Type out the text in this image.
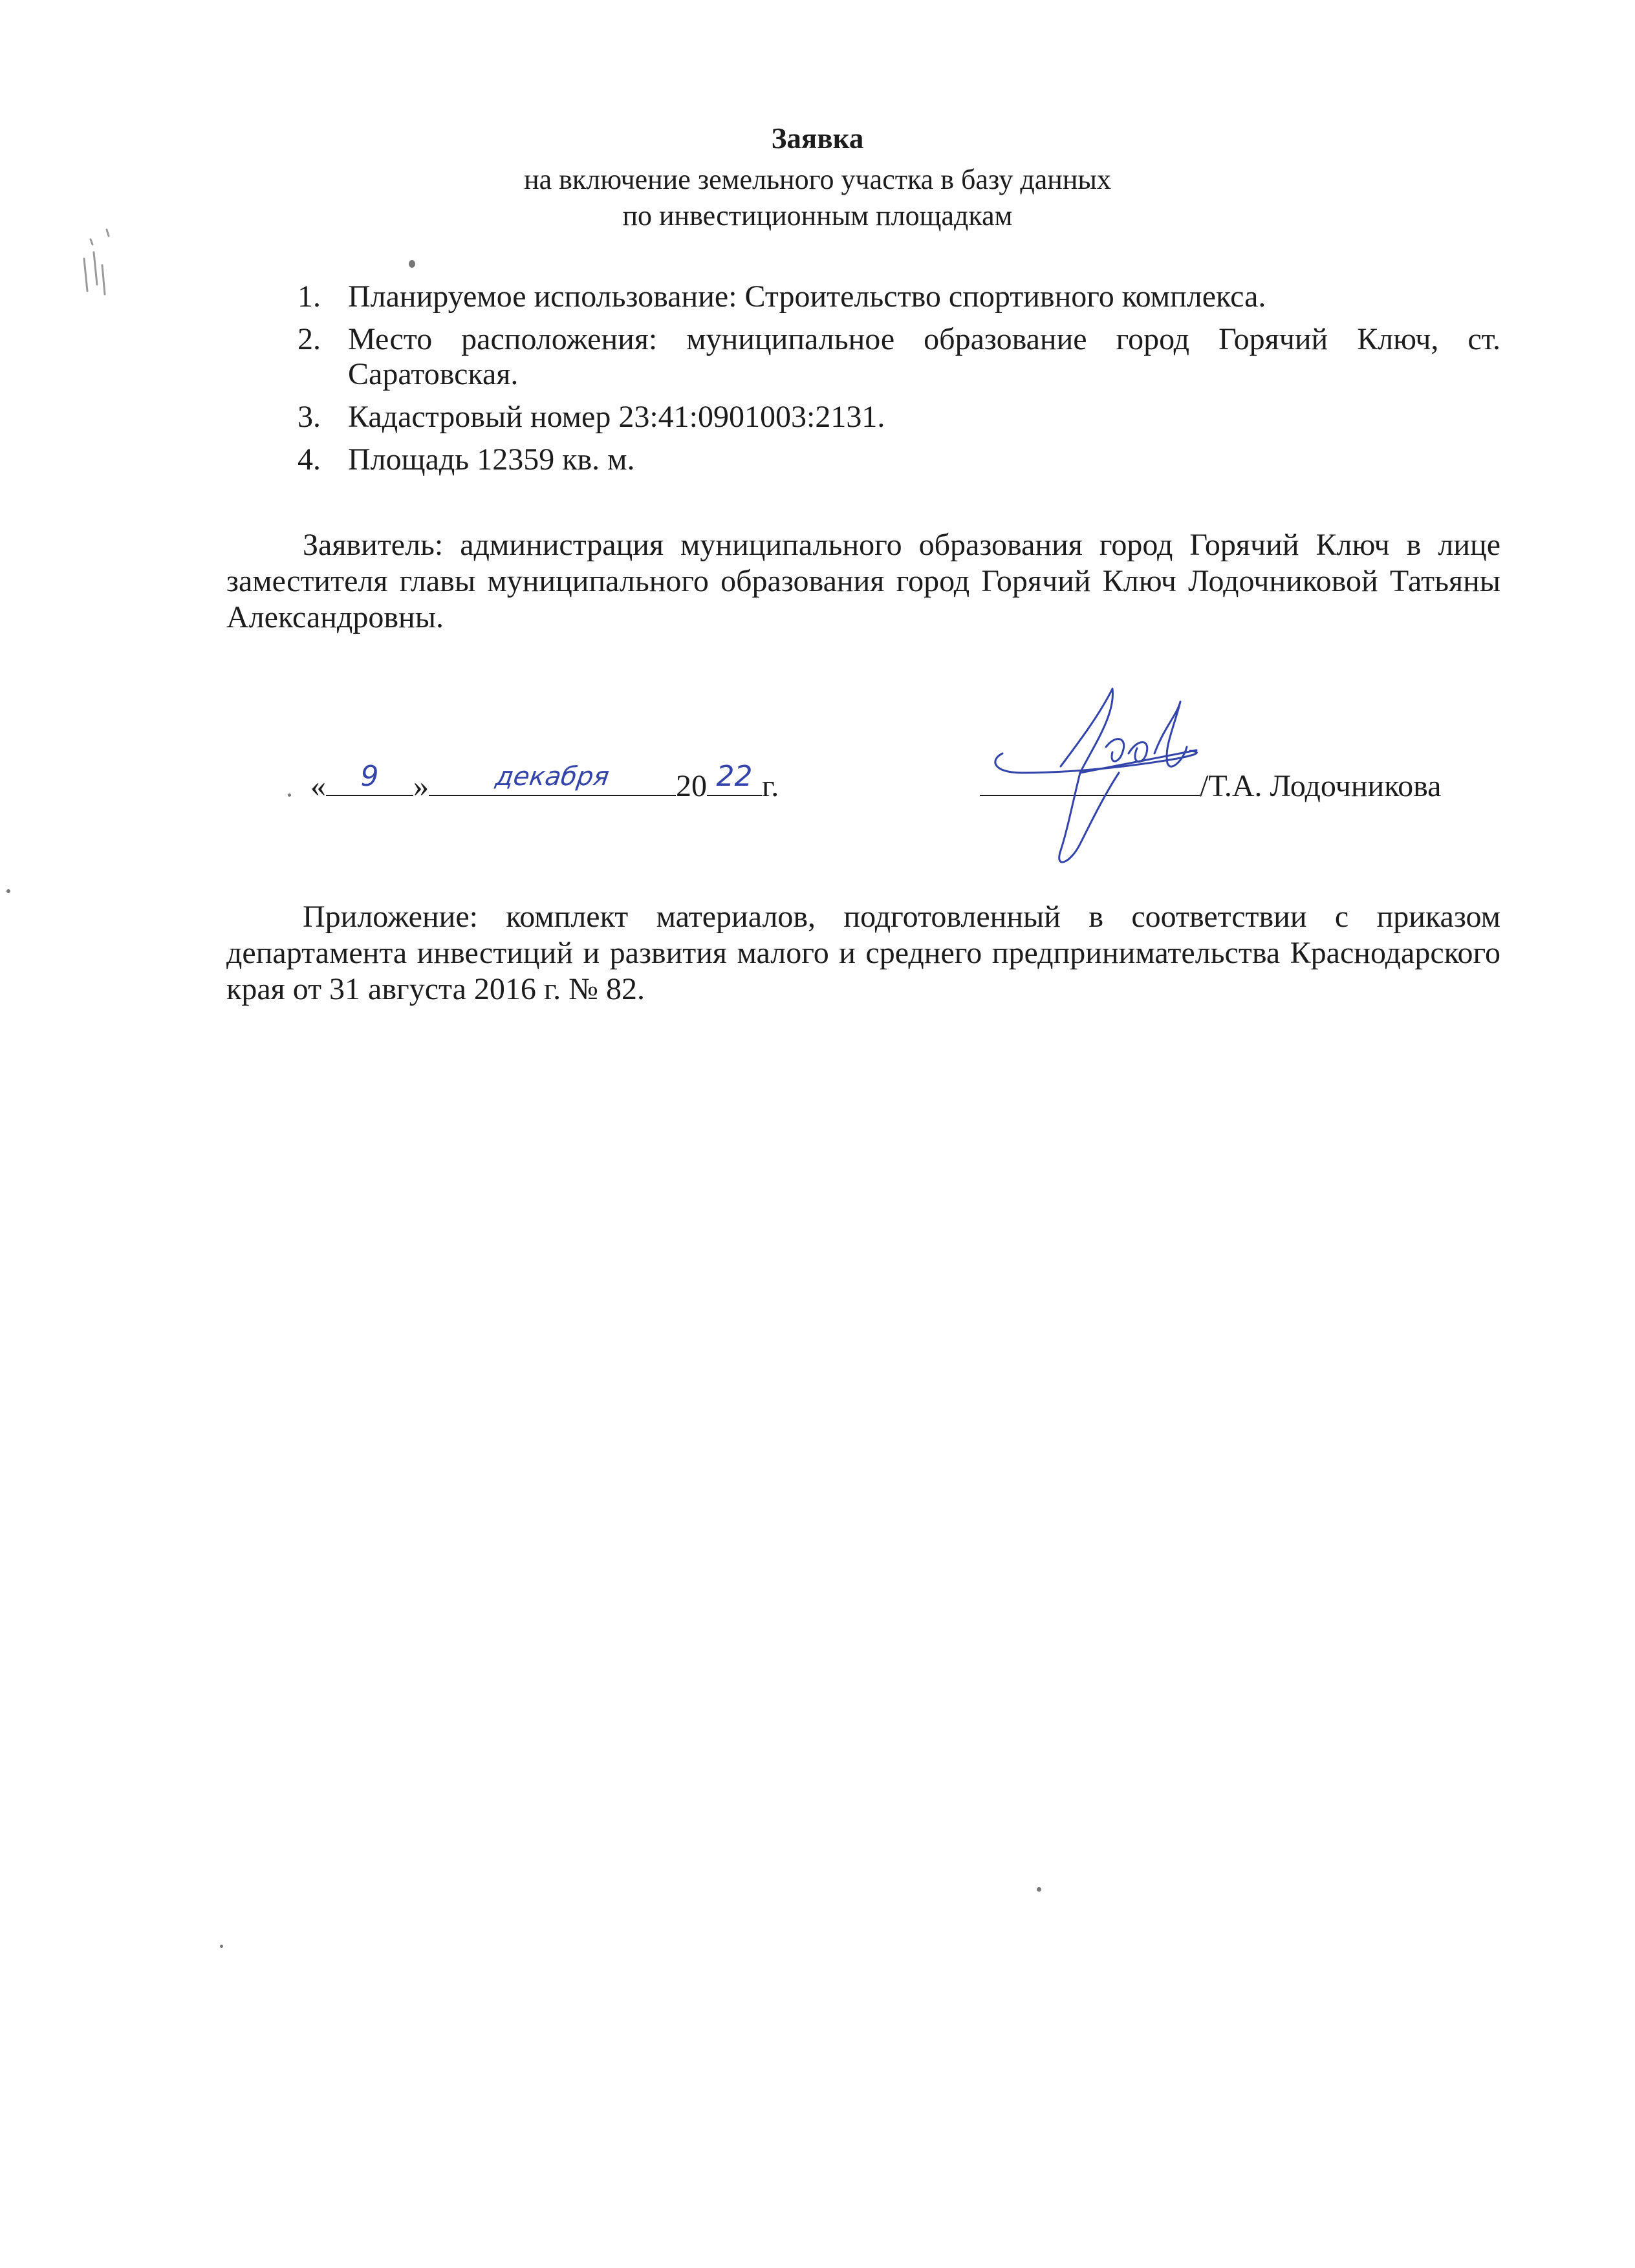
Заявка
на включение земельного участка в базу данных
по инвестиционным площадкам
1. Планируемое использование: Строительство спортивного комплекса.
2. Место расположения: муниципальное образование город Горячий Ключ, ст. Саратовская.
3. Кадастровый номер 23:41:0901003:2131.
4. Площадь 12359 кв. м.

Заявитель: администрация муниципального образования город Горячий Ключ в лице заместителя главы муниципального образования город Горячий Ключ Лодочниковой Татьяны Александровны.

«	9	»	декабря	20 22 г.	/Т.А. Лодочникова

Приложение: комплект материалов, подготовленный в соответствии с приказом департамента инвестиций и развития малого и среднего предпринимательства Краснодарского края от 31 августа 2016 г. № 82.
